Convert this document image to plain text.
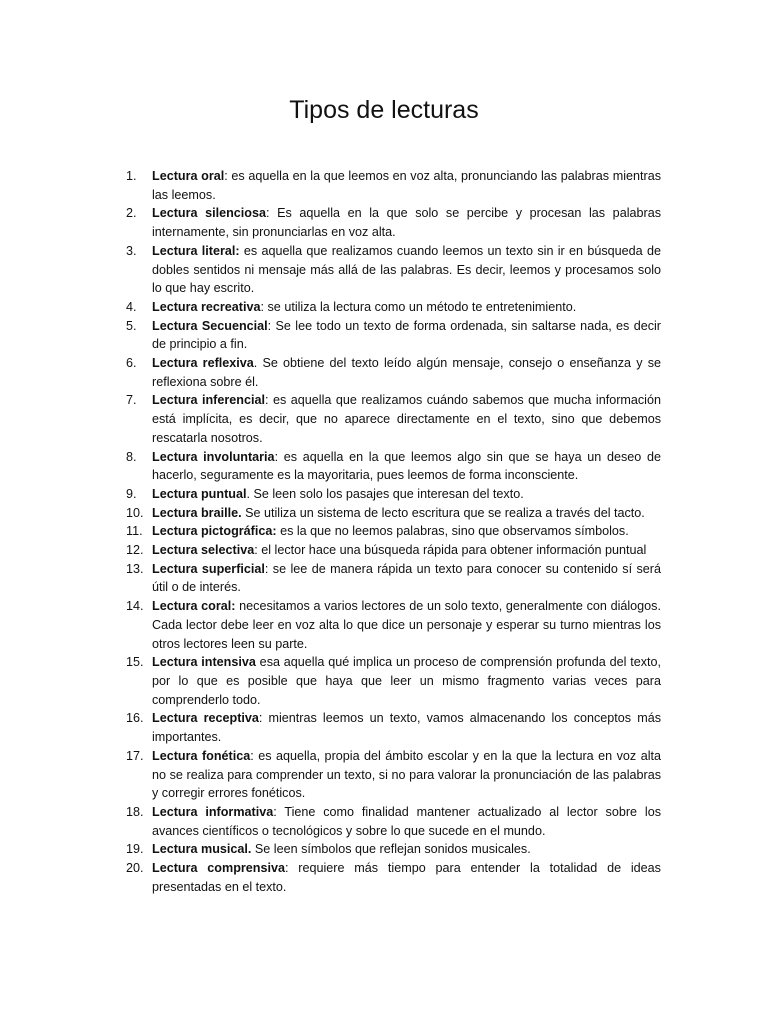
Tipos de lecturas
1.	Lectura oral: es aquella en la que leemos en voz alta, pronunciando las palabras mientras las leemos.
2.	Lectura silenciosa: Es aquella en la que solo se percibe y procesan las palabras internamente, sin pronunciarlas en voz alta.
3.	Lectura literal: es aquella que realizamos cuando leemos un texto sin ir en búsqueda de dobles sentidos ni mensaje más allá de las palabras. Es decir, leemos y procesamos solo lo que hay escrito.
4.	Lectura recreativa: se utiliza la lectura como un método te entretenimiento.
5.	Lectura Secuencial: Se lee todo un texto de forma ordenada, sin saltarse nada, es decir de principio a fin.
6.	Lectura reflexiva. Se obtiene del texto leído algún mensaje, consejo o enseñanza y se reflexiona sobre él.
7.	Lectura inferencial: es aquella que realizamos cuándo sabemos que mucha información está implícita, es decir, que no aparece directamente en el texto, sino que debemos rescatarla nosotros.
8.	Lectura involuntaria: es aquella en la que leemos algo sin que se haya un deseo de hacerlo, seguramente es la mayoritaria, pues leemos de forma inconsciente.
9.	Lectura puntual. Se leen solo los pasajes que interesan del texto.
10. Lectura braille. Se utiliza un sistema de lecto escritura que se realiza a través del tacto.
11. Lectura pictográfica: es la que no leemos palabras, sino que observamos símbolos.
12. Lectura selectiva: el lector hace una búsqueda rápida para obtener información puntual
13. Lectura superficial: se lee de manera rápida un texto para conocer su contenido sí será útil o de interés.
14. Lectura coral: necesitamos a varios lectores de un solo texto, generalmente con diálogos. Cada lector debe leer en voz alta lo que dice un personaje y esperar su turno mientras los otros lectores leen su parte.
15. Lectura intensiva esa aquella qué implica un proceso de comprensión profunda del texto, por lo que es posible que haya que leer un mismo fragmento varias veces para comprenderlo todo.
16. Lectura receptiva: mientras leemos un texto, vamos almacenando los conceptos más importantes.
17. Lectura fonética: es aquella, propia del ámbito escolar y en la que la lectura en voz alta no se realiza para comprender un texto, si no para valorar la pronunciación de las palabras y corregir errores fonéticos.
18. Lectura informativa: Tiene como finalidad mantener actualizado al lector sobre los avances científicos o tecnológicos y sobre lo que sucede en el mundo.
19. Lectura musical. Se leen símbolos que reflejan sonidos musicales.
20. Lectura comprensiva: requiere más tiempo para entender la totalidad de ideas presentadas en el texto.
